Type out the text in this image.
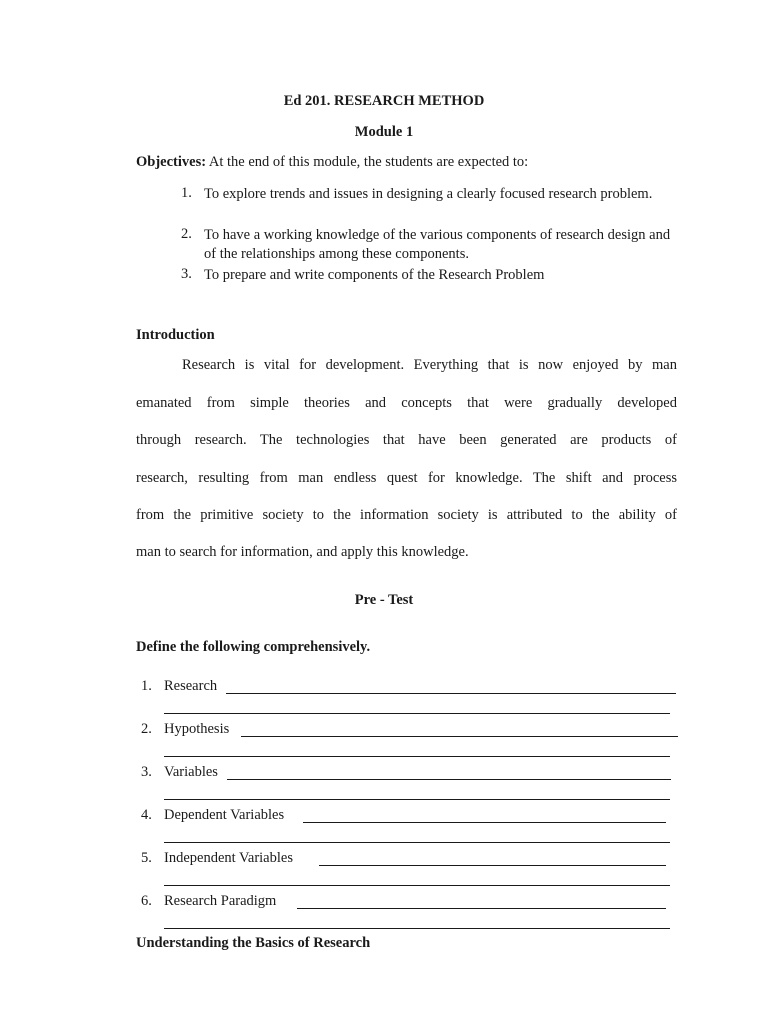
Ed 201. RESEARCH METHOD
Module 1
Objectives: At the end of this module, the students are expected to:
1. To explore trends and issues in designing a clearly focused research problem.
2. To have a working knowledge of the various components of research design and of the relationships among these components.
3. To prepare and write components of the Research Problem
Introduction
Research is vital for development. Everything that is now enjoyed by man
emanated from simple theories and concepts that were gradually developed
through research. The technologies that have been generated are products of
research, resulting from man endless quest for knowledge. The shift and process
from the primitive society to the information society is attributed to the ability of
man to search for information, and apply this knowledge.
Pre - Test
Define the following comprehensively.
1. Research
2. Hypothesis
3. Variables
4. Dependent Variables
5. Independent Variables
6. Research Paradigm
Understanding the Basics of Research
